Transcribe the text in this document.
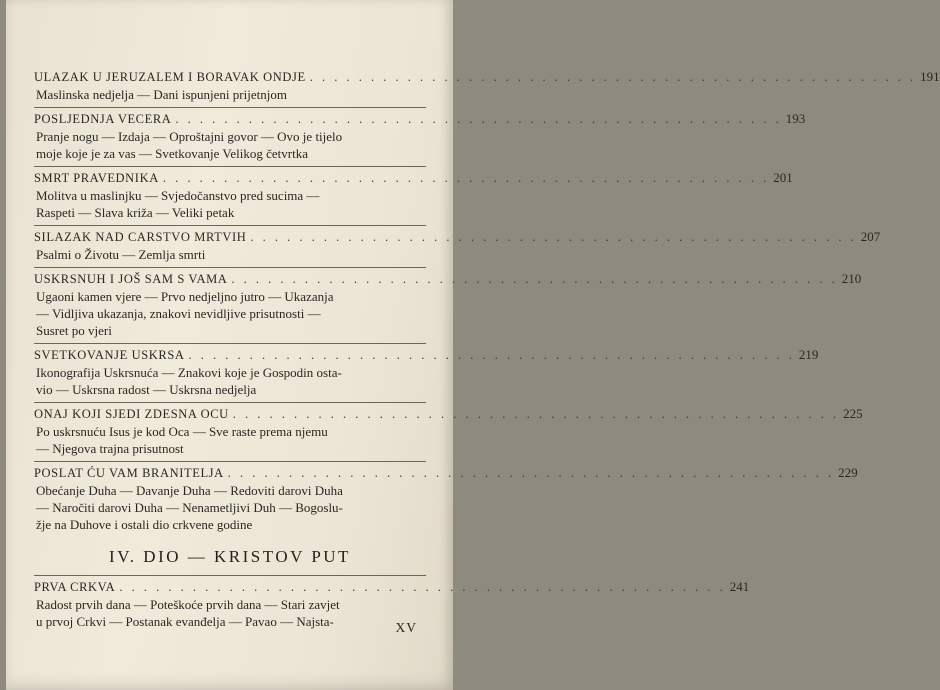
ULAZAK U JERUZALEM I BORAVAK ONDJE . . . . . . . . . . . . . . . . . . . . . . . . . . . . . . . . . . . . . . . . . . . . . . . . . . 191
Maslinska nedjelja — Dani ispunjeni prijetnjom
POSLJEDNJA VECERA . . . . . . . . . . . . . . . . . . . . . . . . . . . . . . . . . . . . . . . . . . . . . . . . . . 193
Pranje nogu — Izdaja — Oproštajni govor — Ovo je tijelo
moje koje je za vas — Svetkovanje Velikog četvrtka
SMRT PRAVEDNIKA . . . . . . . . . . . . . . . . . . . . . . . . . . . . . . . . . . . . . . . . . . . . . . . . . . 201
Molitva u maslinjku — Svjedočanstvo pred sucima —
Raspeti — Slava križa — Veliki petak
SILAZAK NAD CARSTVO MRTVIH . . . . . . . . . . . . . . . . . . . . . . . . . . . . . . . . . . . . . . . . . . . . . . . . . . 207
Psalmi o Životu — Zemlja smrti
USKRSNUH I JOŠ SAM S VAMA . . . . . . . . . . . . . . . . . . . . . . . . . . . . . . . . . . . . . . . . . . . . . . . . . . 210
Ugaoni kamen vjere — Prvo nedjeljno jutro — Ukazanja
— Vidljiva ukazanja, znakovi nevidljive prisutnosti —
Susret po vjeri
SVETKOVANJE USKRSA . . . . . . . . . . . . . . . . . . . . . . . . . . . . . . . . . . . . . . . . . . . . . . . . . . 219
Ikonografija Uskrsnuća — Znakovi koje je Gospodin osta-
vio — Uskrsna radost — Uskrsna nedjelja
ONAJ KOJI SJEDI ZDESNA OCU . . . . . . . . . . . . . . . . . . . . . . . . . . . . . . . . . . . . . . . . . . . . . . . . . . 225
Po uskrsnuću Isus je kod Oca — Sve raste prema njemu
— Njegova trajna prisutnost
POSLAT ĆU VAM BRANITELJA . . . . . . . . . . . . . . . . . . . . . . . . . . . . . . . . . . . . . . . . . . . . . . . . . . 229
Obećanje Duha — Davanje Duha — Redoviti darovi Duha
— Naročiti darovi Duha — Nenametljivi Duh — Bogoslu-
žje na Duhove i ostali dio crkvene godine
IV. DIO — KRISTOV PUT
PRVA CRKVA . . . . . . . . . . . . . . . . . . . . . . . . . . . . . . . . . . . . . . . . . . . . . . . . . . 241
Radost prvih dana — Poteškoće prvih dana — Stari zavjet
u prvoj Crkvi — Postanak evanđelja — Pavao — Najsta-	XV
